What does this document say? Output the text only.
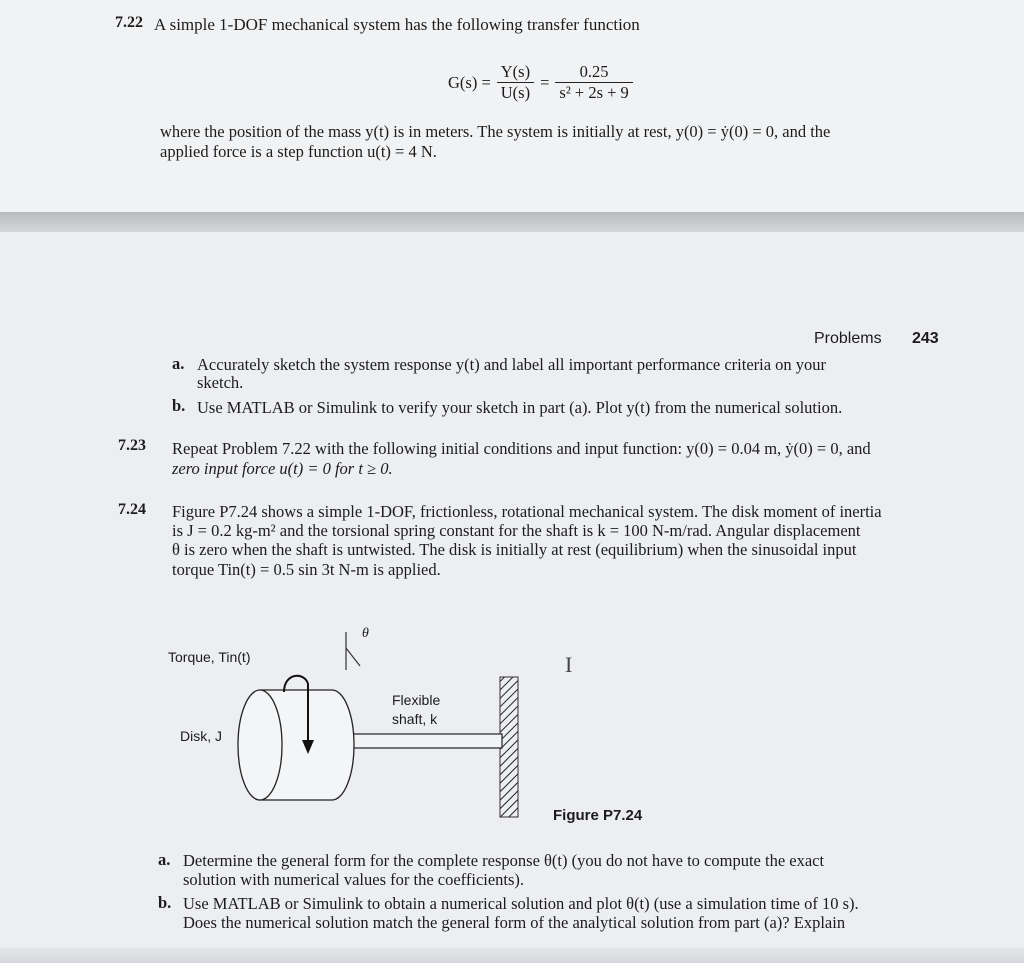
7.22 A simple 1-DOF mechanical system has the following transfer function
$G(s) = \frac{Y(s)}{U(s)} = \frac{0.25}{\text{s² + 2s + 9}}$
where the position of the mass y(t) is in meters. The system is initially at rest, y(0) = ẏ(0) = 0, and the
applied force is a step function u(t) = 4 N.
Problems 243
a. Accurately sketch the system response y(t) and label all important performance criteria on your
sketch.
b. Use MATLAB or Simulink to verify your sketch in part (a). Plot y(t) from the numerical solution.
7.23 Repeat Problem 7.22 with the following initial conditions and input function: y(0) = 0.04 m, ẏ(0) = 0, and
zero input force u(t) = 0 for t ≥ 0.
7.24 Figure P7.24 shows a simple 1-DOF, frictionless, rotational mechanical system. The disk moment of inertia
is J = 0.2 kg-m² and the torsional spring constant for the shaft is k = 100 N-m/rad. Angular displacement
θ is zero when the shaft is untwisted. The disk is initially at rest (equilibrium) when the sinusoidal input
torque Tin(t) = 0.5 sin 3t N-m is applied.
Torque, Tin(t)
θ
Disk, J
Flexible
shaft, k
I
Figure P7.24
a. Determine the general form for the complete response θ(t) (you do not have to compute the exact
solution with numerical values for the coefficients).
b. Use MATLAB or Simulink to obtain a numerical solution and plot θ(t) (use a simulation time of 10 s).
Does the numerical solution match the general form of the analytical solution from part (a)? Explain
